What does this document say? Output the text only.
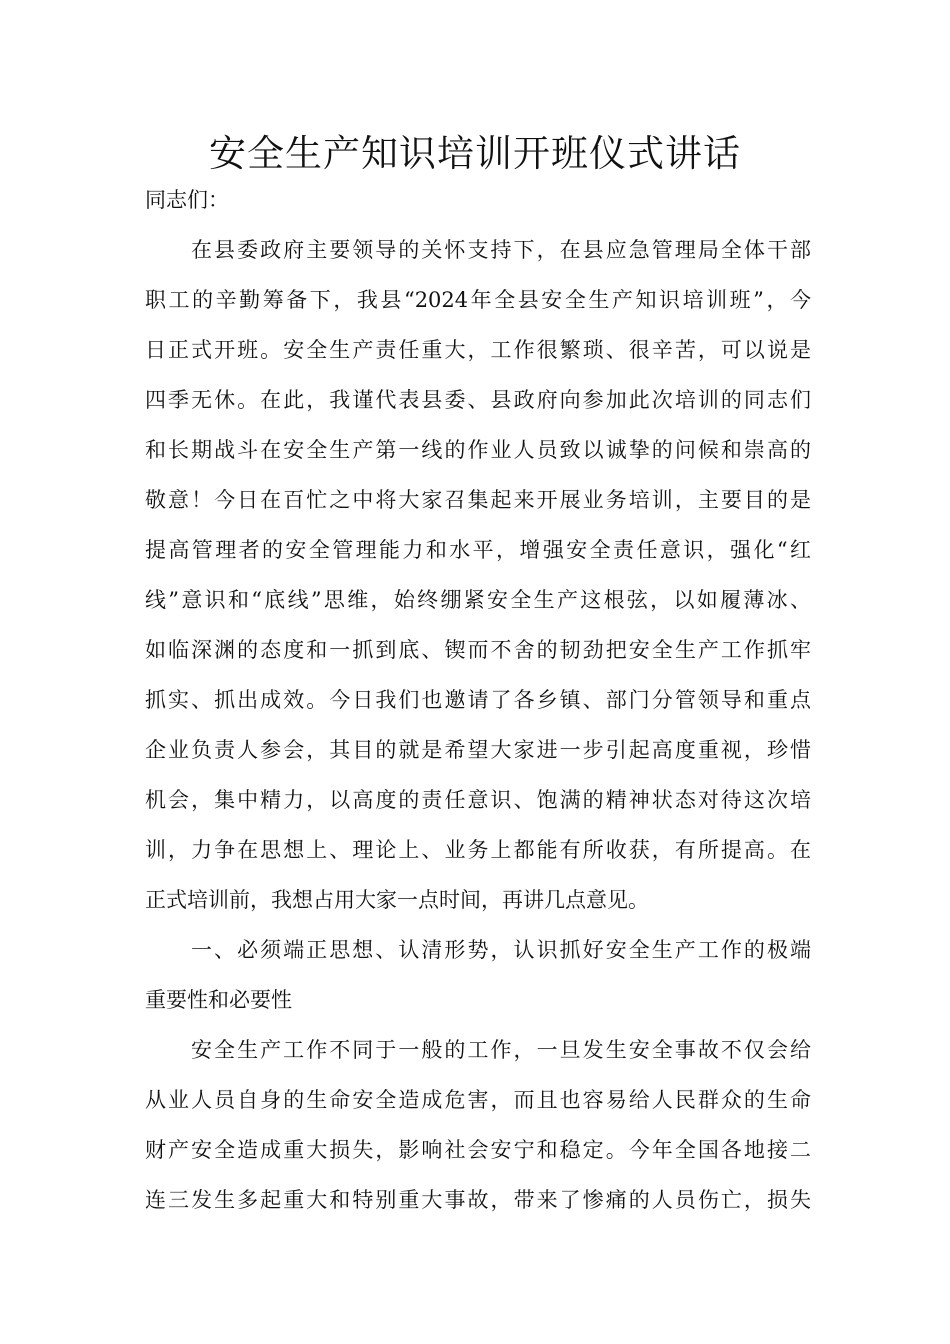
安全生产知识培训开班仪式讲话
同志们：
在县委政府主要领导的关怀支持下，在县应急管理局全体干部
职工的辛勤筹备下，我县“2024年全县安全生产知识培训班”，今
日正式开班。安全生产责任重大，工作很繁琐、很辛苦，可以说是
四季无休。在此，我谨代表县委、县政府向参加此次培训的同志们
和长期战斗在安全生产第一线的作业人员致以诚挚的问候和崇高的
敬意！今日在百忙之中将大家召集起来开展业务培训，主要目的是
提高管理者的安全管理能力和水平，增强安全责任意识，强化“红
线”意识和“底线”思维，始终绷紧安全生产这根弦，以如履薄冰、
如临深渊的态度和一抓到底、锲而不舍的韧劲把安全生产工作抓牢
抓实、抓出成效。今日我们也邀请了各乡镇、部门分管领导和重点
企业负责人参会，其目的就是希望大家进一步引起高度重视，珍惜
机会，集中精力，以高度的责任意识、饱满的精神状态对待这次培
训，力争在思想上、理论上、业务上都能有所收获，有所提高。在
正式培训前，我想占用大家一点时间，再讲几点意见。
一、必须端正思想、认清形势，认识抓好安全生产工作的极端
重要性和必要性
安全生产工作不同于一般的工作，一旦发生安全事故不仅会给
从业人员自身的生命安全造成危害，而且也容易给人民群众的生命
财产安全造成重大损失，影响社会安宁和稳定。今年全国各地接二
连三发生多起重大和特别重大事故，带来了惨痛的人员伤亡，损失
